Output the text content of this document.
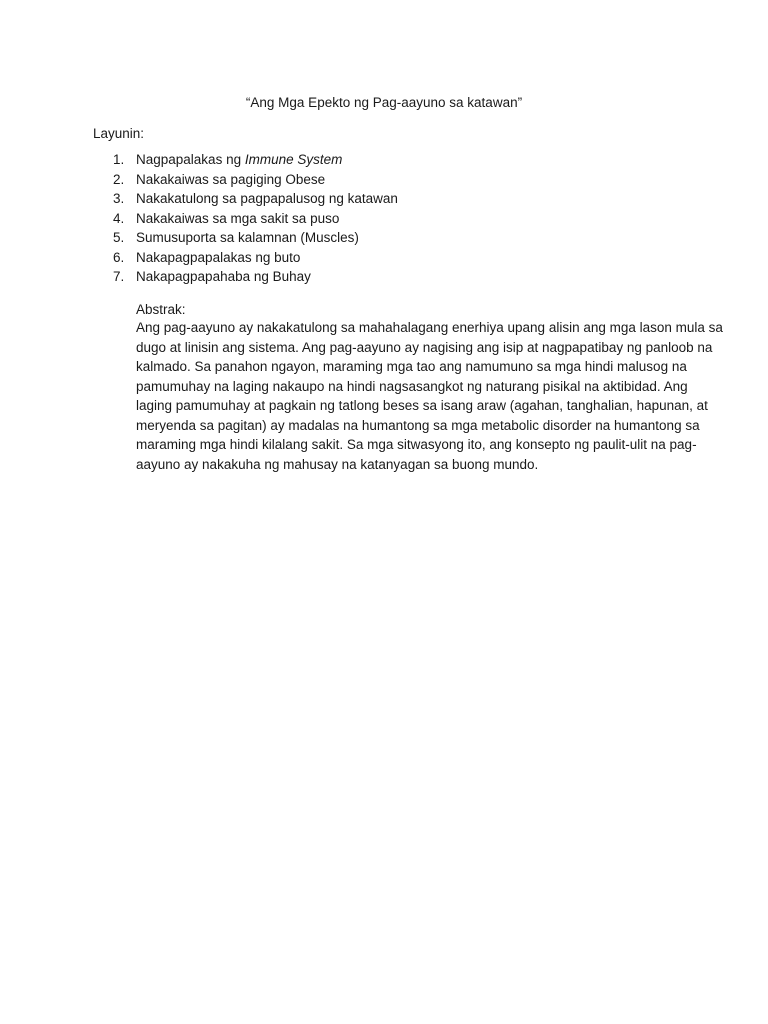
“Ang Mga Epekto ng Pag-aayuno sa katawan”
Layunin:
1. Nagpapalakas ng Immune System
2. Nakakaiwas sa pagiging Obese
3. Nakakatulong sa pagpapalusog ng katawan
4. Nakakaiwas sa mga sakit sa puso
5. Sumusuporta sa kalamnan (Muscles)
6. Nakapagpapalakas ng buto
7. Nakapagpapahaba ng Buhay
Abstrak:
Ang pag-aayuno ay nakakatulong sa mahahalagang enerhiya upang alisin ang mga lason mula sa
dugo at linisin ang sistema. Ang pag-aayuno ay nagising ang isip at nagpapatibay ng panloob na
kalmado. Sa panahon ngayon, maraming mga tao ang namumuno sa mga hindi malusog na
pamumuhay na laging nakaupo na hindi nagsasangkot ng naturang pisikal na aktibidad. Ang
laging pamumuhay at pagkain ng tatlong beses sa isang araw (agahan, tanghalian, hapunan, at
meryenda sa pagitan) ay madalas na humantong sa mga metabolic disorder na humantong sa
maraming mga hindi kilalang sakit. Sa mga sitwasyong ito, ang konsepto ng paulit-ulit na pag-
aayuno ay nakakuha ng mahusay na katanyagan sa buong mundo.
